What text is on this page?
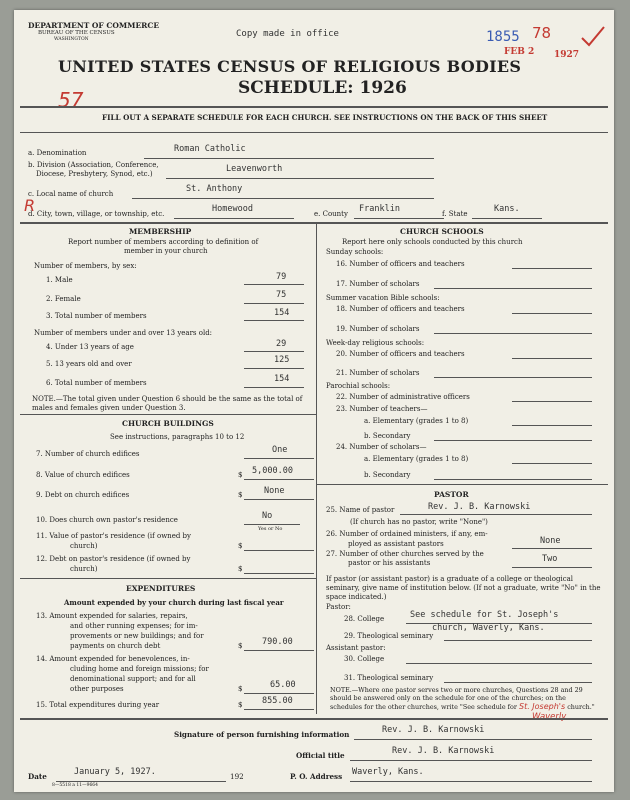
DEPARTMENT OF COMMERCE
BUREAU OF THE CENSUS
WASHINGTON
Copy made in office	1855 78
FEB 2 1927
UNITED STATES CENSUS OF RELIGIOUS BODIES
SCHEDULE: 1926
57
FILL OUT A SEPARATE SCHEDULE FOR EACH CHURCH. SEE INSTRUCTIONS ON THE BACK OF THIS SHEET
a. Denomination	Roman Catholic
b. Division (Association, Conference,
Diocese, Presbytery, Synod, etc.)	Leavenworth
c. Local name of church	St. Anthony
R
d. City, town, village, or township, etc.	Homewood	e. County Franklin	f. State	Kans.
MEMBERSHIP
Report number of members according to definition of
member in your church
Number of members, by sex:
1. Male	79
2. Female	75
3. Total number of members	154
Number of members under and over 13 years old:
4. Under 13 years of age	29
5. 13 years old and over	125
6. Total number of members	154
NOTE.—The total given under Question 6 should be the same as the total of males and females given under Question 3.
CHURCH BUILDINGS
See instructions, paragraphs 10 to 12
7. Number of church edifices	One
8. Value of church edifices	$ 5,000.00
9. Debt on church edifices	$	None
10. Does church own pastor's residence	No
Yes or No
11. Value of pastor's residence (if owned by
church)	$
12. Debt on pastor's residence (if owned by
church)	$
EXPENDITURES
Amount expended by your church during last fiscal year
13. Amount expended for salaries, repairs,
and other running expenses; for im-
provements or new buildings; and for
payments on church debt	$ 790.00
14. Amount expended for benevolences, in-
cluding home and foreign missions; for
denominational support; and for all
other purposes	$	65.00
15. Total expenditures during year	$ 855.00
CHURCH SCHOOLS
Report here only schools conducted by this church
Sunday schools:
16. Number of officers and teachers
17. Number of scholars
Summer vacation Bible schools:
18. Number of officers and teachers
19. Number of scholars
Week-day religious schools:
20. Number of officers and teachers
21. Number of scholars
Parochial schools:
22. Number of administrative officers
23. Number of teachers—
a. Elementary (grades 1 to 8)
b. Secondary
24. Number of scholars—
a. Elementary (grades 1 to 8)
b. Secondary
PASTOR
25. Name of pastor	Rev. J. B. Karnowski
(If church has no pastor, write "None")
26. Number of ordained ministers, if any, em-
ployed as assistant pastors	None
27. Number of other churches served by the
pastor or his assistants	Two
If pastor (or assistant pastor) is a graduate of a college or theological seminary, give name of institution below. (If not a graduate, write "No" in the space indicated.)
Pastor:
28. College	See schedule for St. Joseph's
church, Waverly, Kans.
29. Theological seminary
Assistant pastor:
30. College
31. Theological seminary
NOTE.—Where one pastor serves two or more churches, Questions 28 and 29 should be answered only on the schedule for one of the churches; on the schedules for the other churches, write "See schedule for St. Joseph's church."
Waverly
Signature of person furnishing information	Rev. J. B. Karnowski
Official title	Rev. J. B. Karnowski
Date	January 5, 1927.	192	P. O. Address Waverly, Kans.
8—5518 a 11—9664
